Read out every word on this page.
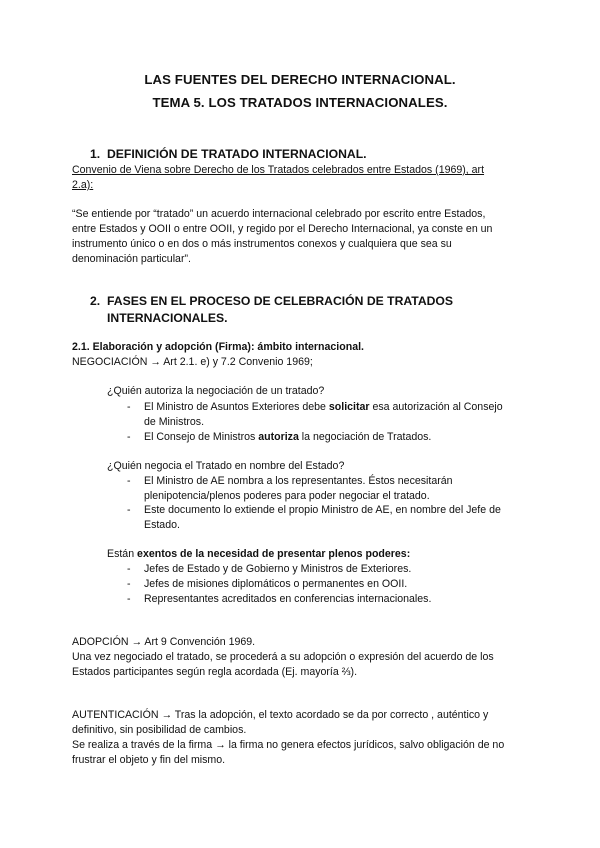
LAS FUENTES DEL DERECHO INTERNACIONAL.
TEMA 5. LOS TRATADOS INTERNACIONALES.
1. DEFINICIÓN DE TRATADO INTERNACIONAL.
Convenio de Viena sobre Derecho de los Tratados celebrados entre Estados (1969), art
2.a):
“Se entiende por “tratado” un acuerdo internacional celebrado por escrito entre Estados,
entre Estados y OOII o entre OOII, y regido por el Derecho Internacional, ya conste en un
instrumento único o en dos o más instrumentos conexos y cualquiera que sea su
denominación particular”.
2. FASES EN EL PROCESO DE CELEBRACIÓN DE TRATADOS
INTERNACIONALES.
2.1. Elaboración y adopción (Firma): ámbito internacional.
NEGOCIACIÓN → Art 2.1. e) y 7.2 Convenio 1969;
¿Quién autoriza la negociación de un tratado?
- El Ministro de Asuntos Exteriores debe solicitar esa autorización al Consejo
de Ministros.
- El Consejo de Ministros autoriza la negociación de Tratados.
¿Quién negocia el Tratado en nombre del Estado?
- El Ministro de AE nombra a los representantes. Éstos necesitarán
plenipotencia/plenos poderes para poder negociar el tratado.
- Este documento lo extiende el propio Ministro de AE, en nombre del Jefe de
Estado.
Están exentos de la necesidad de presentar plenos poderes:
- Jefes de Estado y de Gobierno y Ministros de Exteriores.
- Jefes de misiones diplomáticos o permanentes en OOII.
- Representantes acreditados en conferencias internacionales.
ADOPCIÓN → Art 9 Convención 1969.
Una vez negociado el tratado, se procederá a su adopción o expresión del acuerdo de los
Estados participantes según regla acordada (Ej. mayoría ⅔).
AUTENTICACIÓN → Tras la adopción, el texto acordado se da por correcto , auténtico y
definitivo, sin posibilidad de cambios.
Se realiza a través de la firma → la firma no genera efectos jurídicos, salvo obligación de no
frustrar el objeto y fin del mismo.
